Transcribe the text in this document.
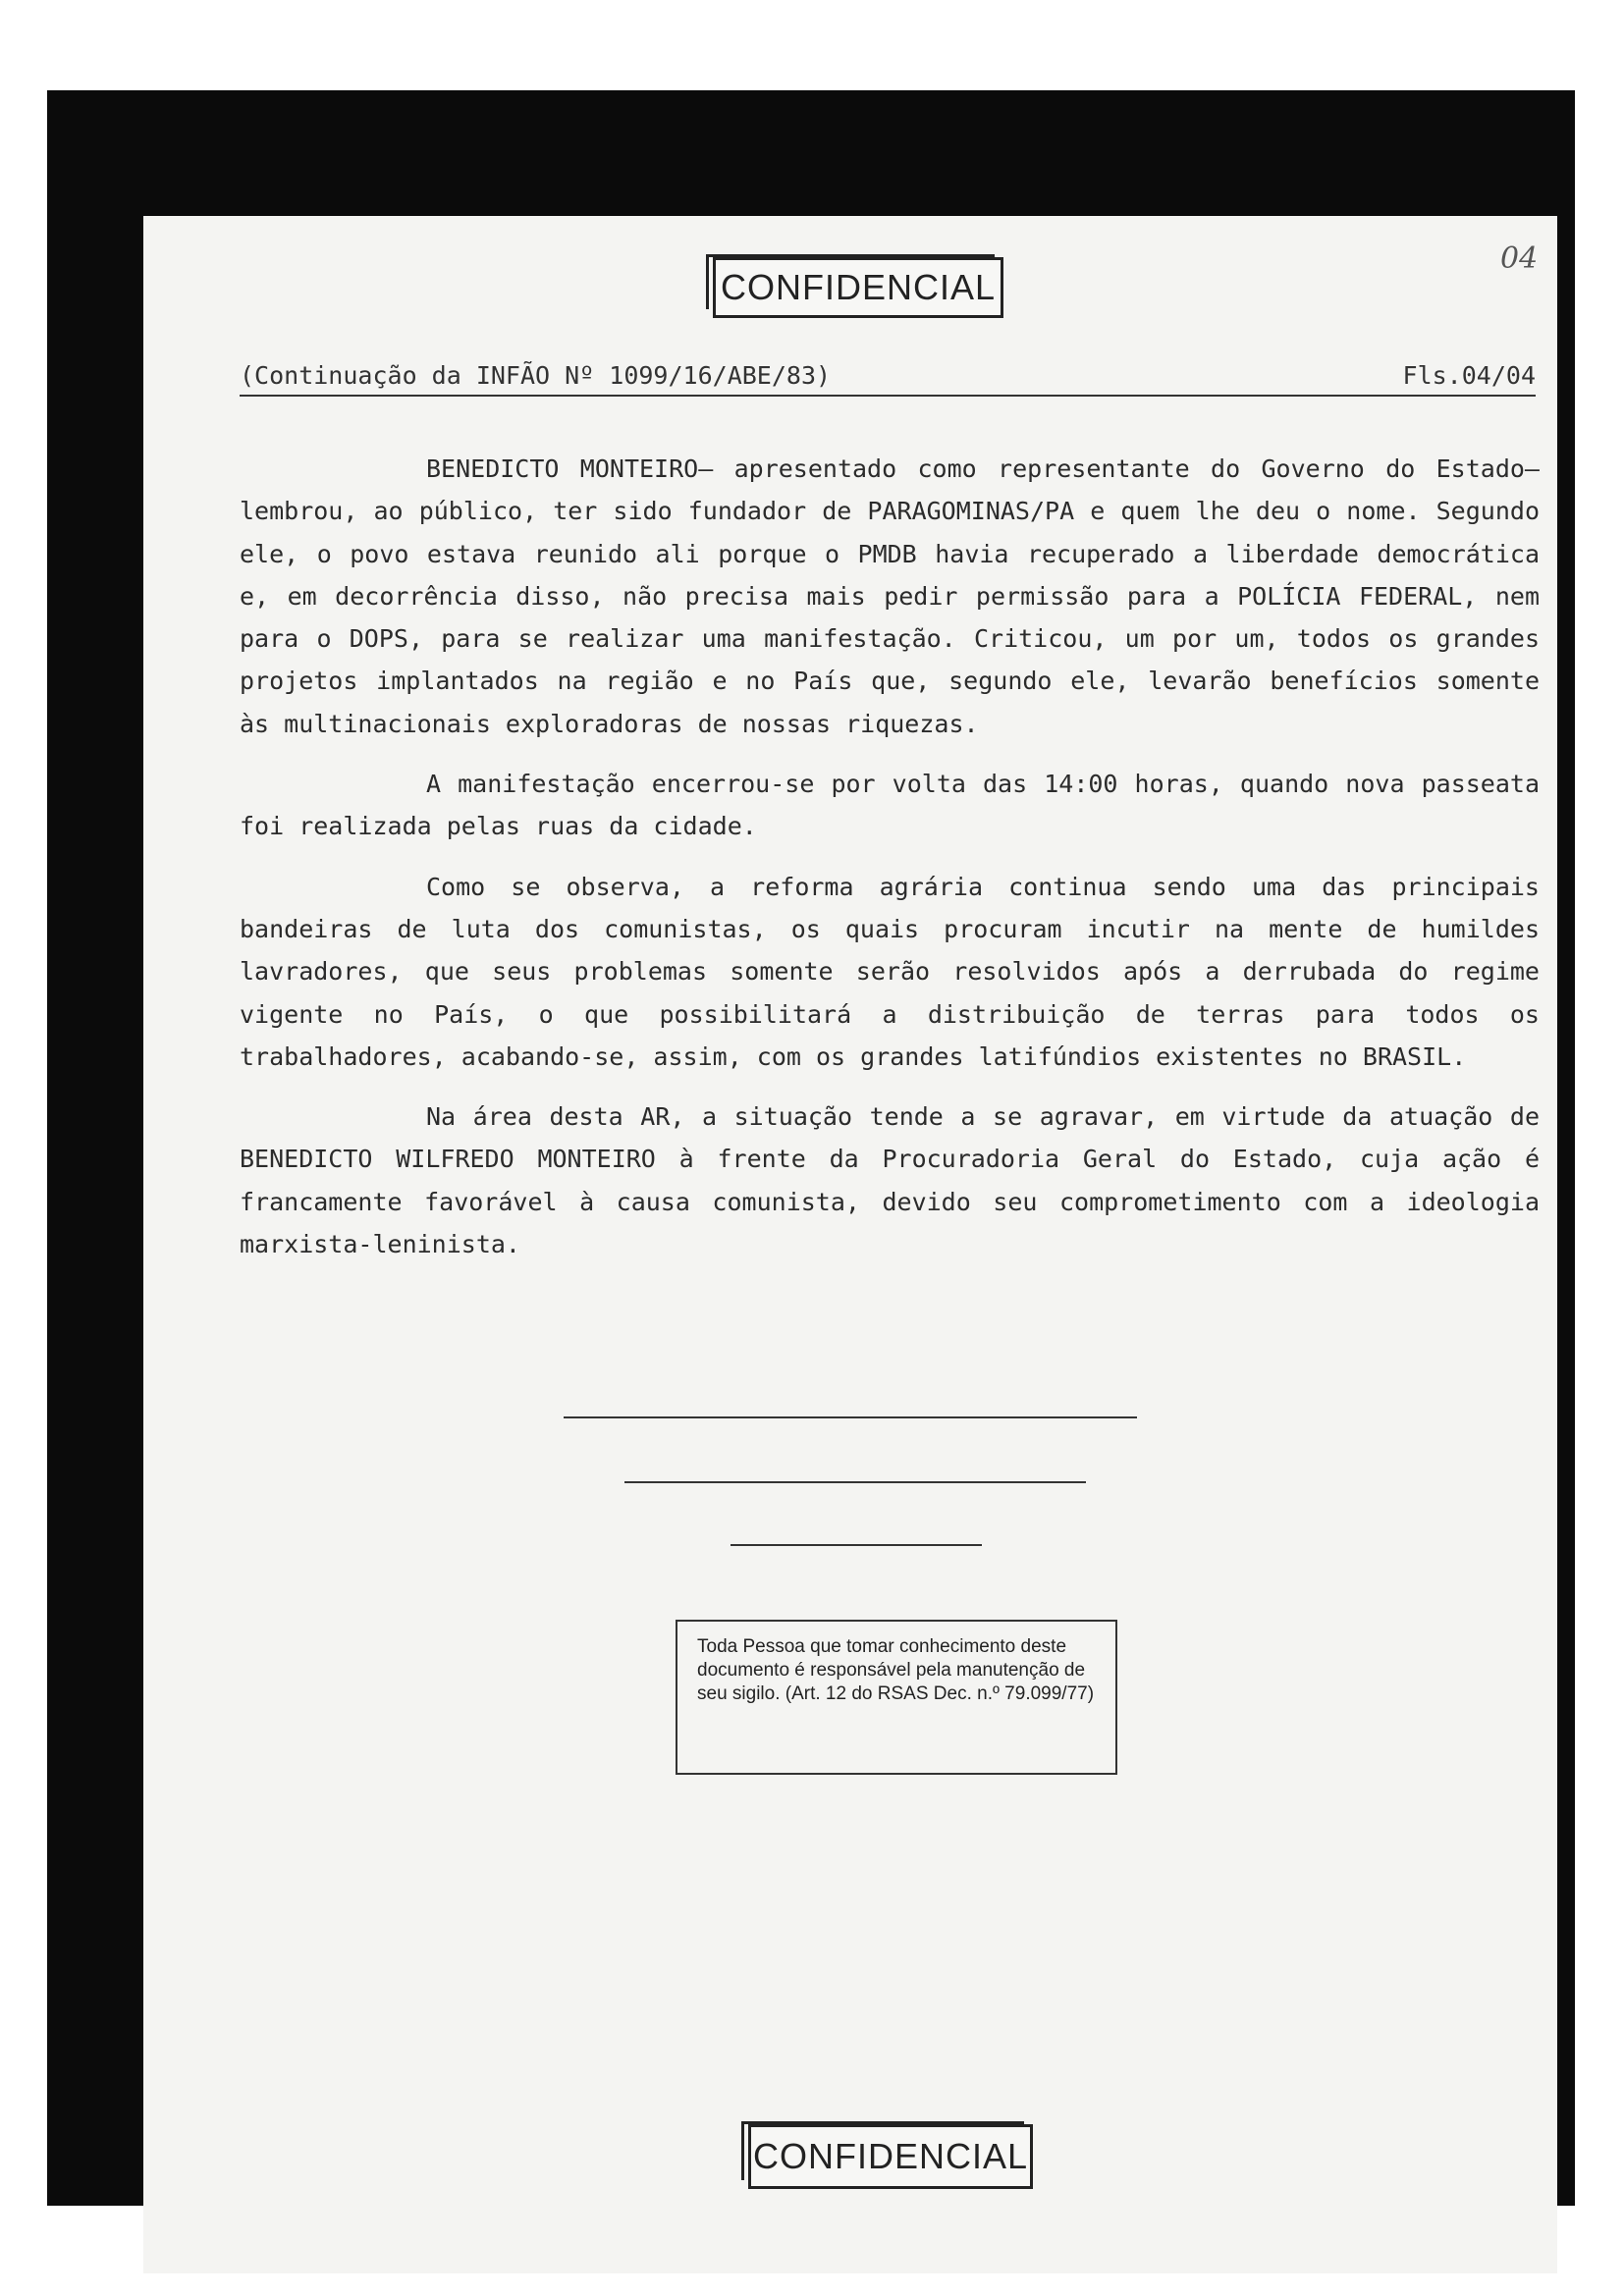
04
CONFIDENCIAL
(Continuação da INFÃO Nº 1099/16/ABE/83)	Fls.04/04

BENEDICTO MONTEIRO— apresentado como representante do Governo do Estado— lembrou, ao público, ter sido fundador de PARAGOMINAS/PA e quem lhe deu o nome. Segundo ele, o povo estava reunido ali porque o PMDB havia recuperado a liberdade democrática e, em decorrência disso, não precisa mais pedir permissão para a POLÍCIA FEDERAL, nem para o DOPS, para se realizar uma manifestação. Criticou, um por um, todos os grandes projetos implantados na região e no País que, segundo ele, levarão benefícios somente às multinacionais exploradoras de nossas riquezas.

A manifestação encerrou-se por volta das 14:00 horas, quando nova passeata foi realizada pelas ruas da cidade.

Como se observa, a reforma agrária continua sendo uma das principais bandeiras de luta dos comunistas, os quais procuram incutir na mente de humildes lavradores, que seus problemas somente serão resolvidos após a derrubada do regime vigente no País, o que possibilitará a distribuição de terras para todos os trabalhadores, acabando-se, assim, com os grandes latifúndios existentes no BRASIL.

Na área desta AR, a situação tende a se agravar, em virtude da atuação de BENEDICTO WILFREDO MONTEIRO à frente da Procuradoria Geral do Estado, cuja ação é francamente favorável à causa comunista, devido seu comprometimento com a ideologia marxista-leninista.

Toda Pessoa que tomar conhecimento deste documento é responsável pela manutenção de seu sigilo. (Art. 12 do RSAS Dec. n.º 79.099/77)
CONFIDENCIAL
